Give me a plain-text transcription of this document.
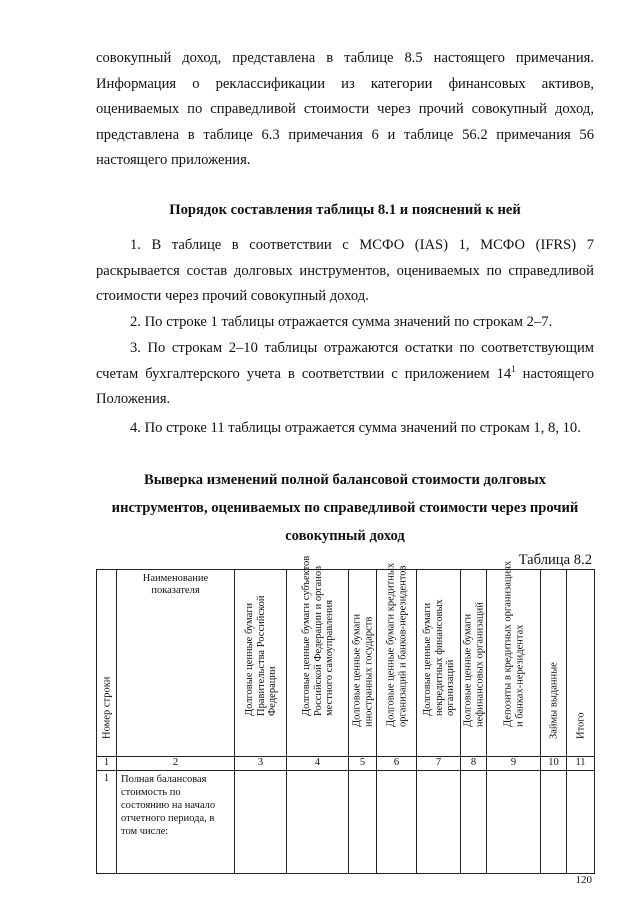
совокупный доход, представлена в таблице 8.5 настоящего примечания. Информация о реклассификации из категории финансовых активов, оцениваемых по справедливой стоимости через прочий совокупный доход, представлена в таблице 6.3 примечания 6 и таблице 56.2 примечания 56 настоящего приложения.

Порядок составления таблицы 8.1 и пояснений к ней

1. В таблице в соответствии с МСФО (IAS) 1, МСФО (IFRS) 7 раскрывается состав долговых инструментов, оцениваемых по справедливой стоимости через прочий совокупный доход.

2. По строке 1 таблицы отражается сумма значений по строкам 2–7.

3. По строкам 2–10 таблицы отражаются остатки по соответствующим счетам бухгалтерского учета в соответствии с приложением $14^1$ настоящего Положения.

4. По строке 11 таблицы отражается сумма значений по строкам 1, 8, 10.

Выверка изменений полной балансовой стоимости долговых инструментов, оцениваемых по справедливой стоимости через прочий совокупный доход

Таблица 8.2
Номер строки	Наименование показателя	Долговые ценные бумаги Правительства Российской Федерации	Долговые ценные бумаги субъектов Российской Федерации и органов местного самоуправления	Долговые ценные бумаги иностранных государств	Долговые ценные бумаги кредитных организаций и банков-нерезидентов	Долговые ценные бумаги некредитных финансовых организаций	Долговые ценные бумаги нефинансовых организаций	Депозиты в кредитных организациях и банках-нерезидентах	Займы выданные	Итого

1	2	3	4	5	6	7	8	9	10	11
1	Полная балансовая стоимость по состоянию на начало отчетного периода, в том числе:									
120
